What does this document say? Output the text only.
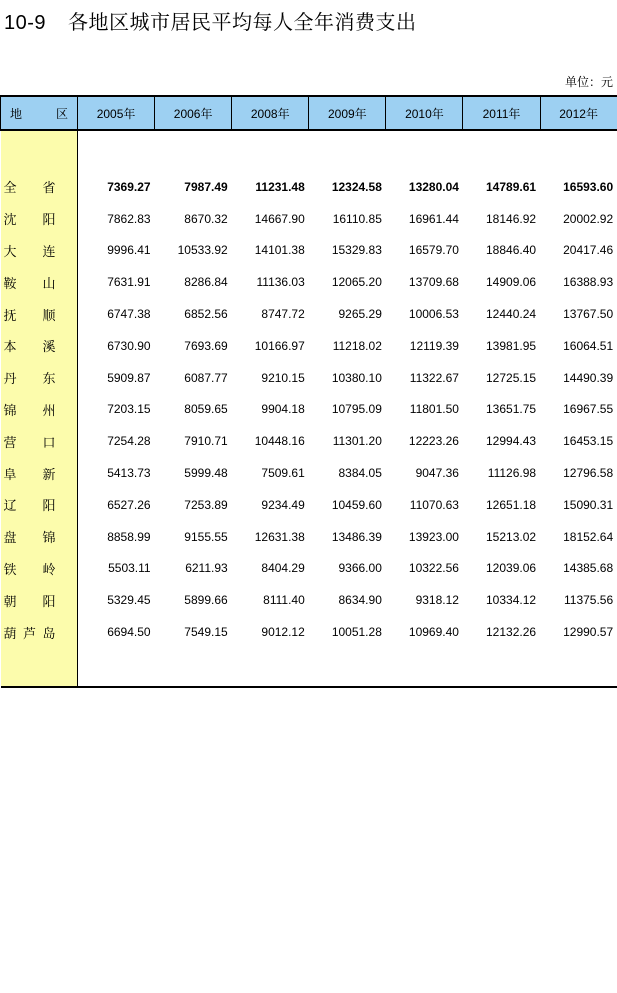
10-9 各地区城市居民平均每人全年消费支出
单位：元
地区	2005年	2006年	2008年	2009年	2010年	2011年	2012年

全 省	7369.27	7987.49	11231.48	12324.58	13280.04	14789.61	16593.60

沈 阳	7862.83	8670.32	14667.90	16110.85	16961.44	18146.92	20002.92

大 连	9996.41	10533.92	14101.38	15329.83	16579.70	18846.40	20417.46

鞍 山	7631.91	8286.84	11136.03	12065.20	13709.68	14909.06	16388.93

抚 顺	6747.38	6852.56	8747.72	9265.29	10006.53	12440.24	13767.50

本 溪	6730.90	7693.69	10166.97	11218.02	12119.39	13981.95	16064.51

丹 东	5909.87	6087.77	9210.15	10380.10	11322.67	12725.15	14490.39

锦 州	7203.15	8059.65	9904.18	10795.09	11801.50	13651.75	16967.55

营 口	7254.28	7910.71	10448.16	11301.20	12223.26	12994.43	16453.15

阜 新	5413.73	5999.48	7509.61	8384.05	9047.36	11126.98	12796.58

辽 阳	6527.26	7253.89	9234.49	10459.60	11070.63	12651.18	15090.31

盘 锦	8858.99	9155.55	12631.38	13486.39	13923.00	15213.02	18152.64

铁 岭	5503.11	6211.93	8404.29	9366.00	10322.56	12039.06	14385.68

朝 阳	5329.45	5899.66	8111.40	8634.90	9318.12	10334.12	11375.56

葫 芦 岛	6694.50	7549.15	9012.12	10051.28	10969.40	12132.26	12990.57
